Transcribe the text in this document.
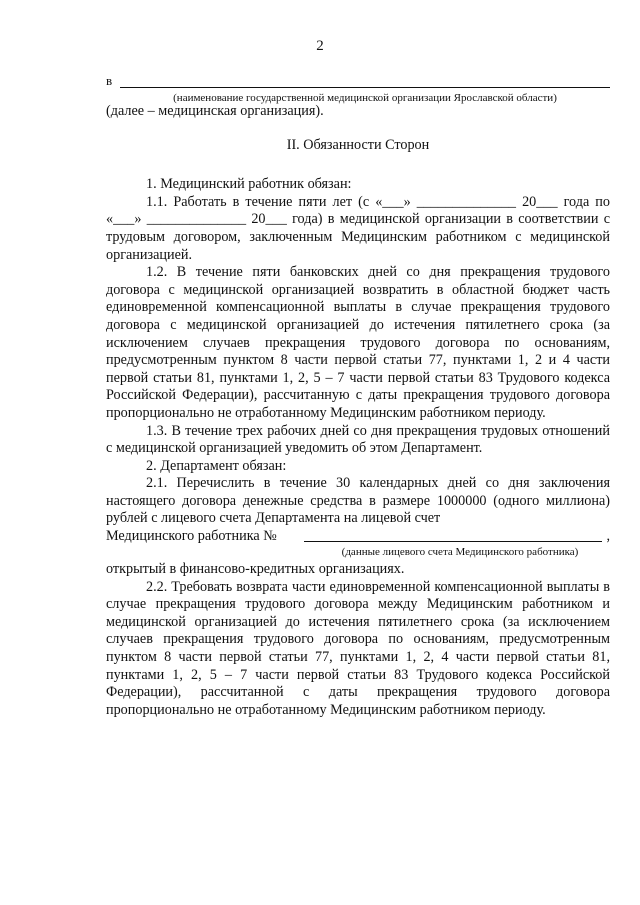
2
в
(наименование государственной медицинской организации Ярославской области)

(далее – медицинская организация).

II. Обязанности Сторон

1. Медицинский работник обязан:

1.1. Работать в течение пяти лет (с «___» ______________ 20___ года по «___» ______________ 20___ года) в медицинской организации в соответствии с трудовым договором, заключенным Медицинским работником с медицинской организацией.

1.2. В течение пяти банковских дней со дня прекращения трудового договора с медицинской организацией возвратить в областной бюджет часть единовременной компенсационной выплаты в случае прекращения трудового договора с медицинской организацией до истечения пятилетнего срока (за исключением случаев прекращения трудового договора по основаниям, предусмотренным пунктом 8 части первой статьи 77, пунктами 1, 2 и 4 части первой статьи 81, пунктами 1, 2, 5 – 7 части первой статьи 83 Трудового кодекса Российской Федерации), рассчитанную с даты прекращения трудового договора пропорционально не отработанному Медицинским работником периоду.

1.3. В течение трех рабочих дней со дня прекращения трудовых отношений с медицинской организацией уведомить об этом Департамент.

2. Департамент обязан:

2.1. Перечислить в течение 30 календарных дней со дня заключения настоящего договора денежные средства в размере 1000000 (одного миллиона) рублей с лицевого счета Департамента на лицевой счет

Медицинского работника №	,
(данные лицевого счета Медицинского работника)

открытый в финансово-кредитных организациях.

2.2. Требовать возврата части единовременной компенсационной выплаты в случае прекращения трудового договора между Медицинским работником и медицинской организацией до истечения пятилетнего срока (за исключением случаев прекращения трудового договора по основаниям, предусмотренным пунктом 8 части первой статьи 77, пунктами 1, 2, 4 части первой статьи 81, пунктами 1, 2, 5 – 7 части первой статьи 83 Трудового кодекса Российской Федерации), рассчитанной с даты прекращения трудового договора пропорционально не отработанному Медицинским работником периоду.
